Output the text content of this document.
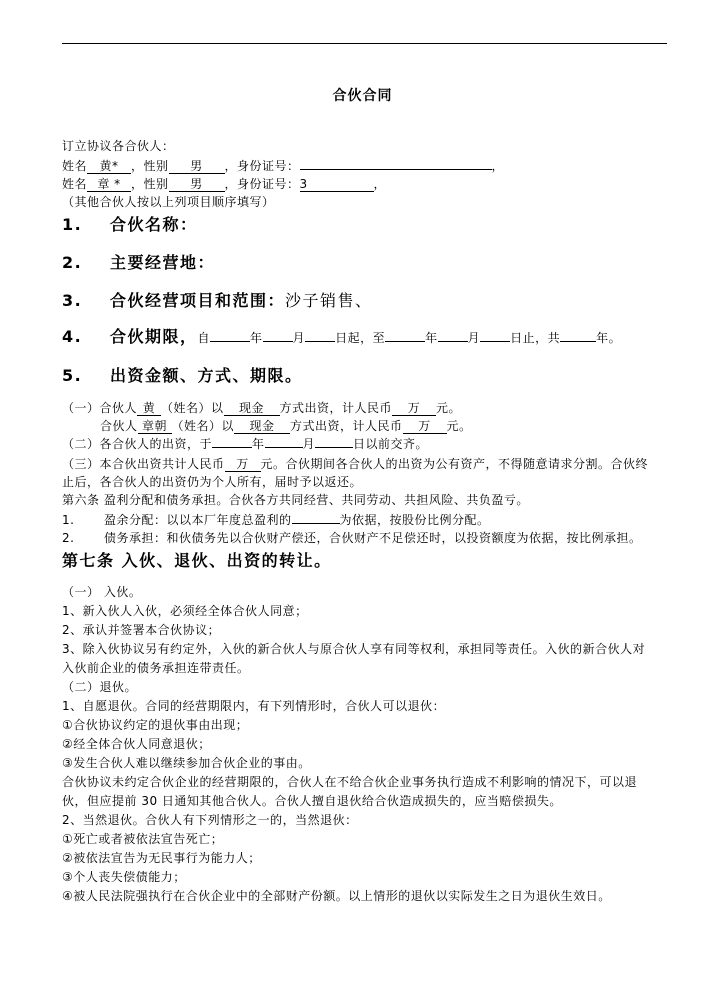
合伙合同
订立协议各合伙人：
姓名 黄* ，性别 男 ，身份证号：	，
姓名 章 * ，性别 男 ，身份证号：3	，
（其他合伙人按以上列项目顺序填写）
1. 合伙名称：
2. 主要经营地：
3. 合伙经营项目和范围：沙子销售、
4. 合伙期限，自	年	月	日起，至	年	月	日止，共	年。
5. 出资金额、方式、期限。
（一）合伙人 黄 （姓名）以 现金 方式出资，计人民币 万 元。
合伙人 章朝 （姓名）以 现金 方式出资，计人民币 万 元。
（二）各合伙人的出资，于	年	月	日以前交齐。
（三）本合伙出资共计人民币 万 元。合伙期间各合伙人的出资为公有资产，不得随意请求分割。合伙终
止后，各合伙人的出资仍为个人所有，届时予以返还。
第六条 盈利分配和债务承担。合伙各方共同经营、共同劳动、共担风险、共负盈亏。
1. 盈余分配：以以本厂年度总盈利的	为依据，按股份比例分配。
2. 债务承担：和伙债务先以合伙财产偿还，合伙财产不足偿还时，以投资额度为依据，按比例承担。
第七条 入伙、退伙、出资的转让。
（一） 入伙。
1、新入伙人入伙，必须经全体合伙人同意；
2、承认并签署本合伙协议；
3、除入伙协议另有约定外，入伙的新合伙人与原合伙人享有同等权利，承担同等责任。入伙的新合伙人对
入伙前企业的债务承担连带责任。
（二）退伙。
1、自愿退伙。合同的经营期限内，有下列情形时，合伙人可以退伙：
①合伙协议约定的退伙事由出现；
②经全体合伙人同意退伙；
③发生合伙人难以继续参加合伙企业的事由。
合伙协议未约定合伙企业的经营期限的，合伙人在不给合伙企业事务执行造成不利影响的情况下，可以退
伙，但应提前 30 日通知其他合伙人。合伙人擅自退伙给合伙造成损失的，应当赔偿损失。
2、当然退伙。合伙人有下列情形之一的，当然退伙：
①死亡或者被依法宣告死亡；
②被依法宣告为无民事行为能力人；
③个人丧失偿债能力；
④被人民法院强执行在合伙企业中的全部财产份额。以上情形的退伙以实际发生之日为退伙生效日。
